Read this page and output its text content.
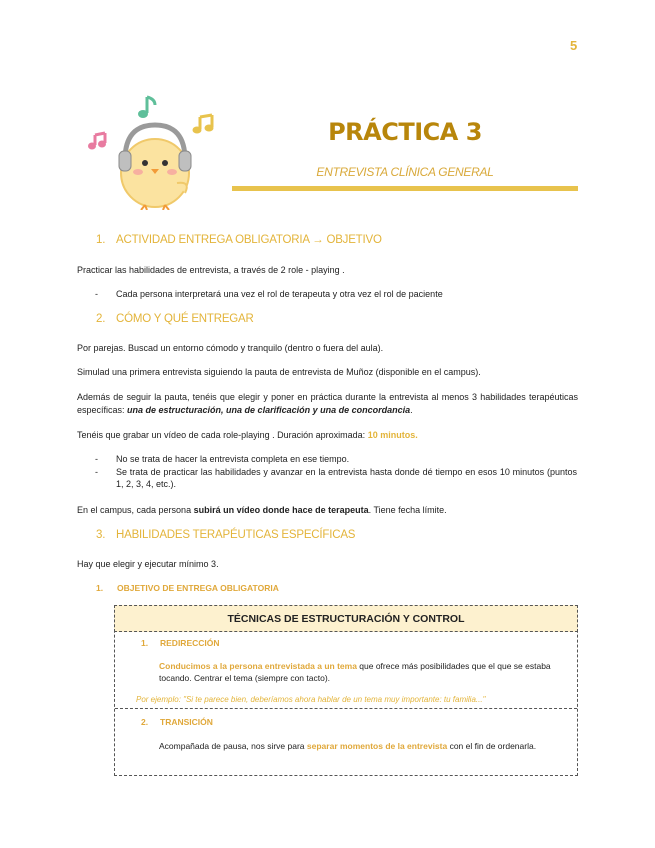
5
PRÁCTICA 3
ENTREVISTA CLÍNICA GENERAL
1. ACTIVIDAD ENTREGA OBLIGATORIA → OBJETIVO
Practicar las habilidades de entrevista, a través de 2 role - playing .
- Cada persona interpretará una vez el rol de terapeuta y otra vez el rol de paciente
2. CÓMO Y QUÉ ENTREGAR
Por parejas. Buscad un entorno cómodo y tranquilo (dentro o fuera del aula).
Simulad una primera entrevista siguiendo la pauta de entrevista de Muñoz (disponible en el campus).
Además de seguir la pauta, tenéis que elegir y poner en práctica durante la entrevista al menos 3 habilidades terapéuticas específicas: una de estructuración, una de clarificación y una de concordancia.
Tenéis que grabar un vídeo de cada role-playing . Duración aproximada: 10 minutos.
- No se trata de hacer la entrevista completa en ese tiempo.
- Se trata de practicar las habilidades y avanzar en la entrevista hasta donde dé tiempo en esos 10 minutos (puntos 1, 2, 3, 4, etc.).
En el campus, cada persona subirá un vídeo donde hace de terapeuta. Tiene fecha límite.
3. HABILIDADES TERAPÉUTICAS ESPECÍFICAS
Hay que elegir y ejecutar mínimo 3.
1. OBJETIVO DE ENTREGA OBLIGATORIA
TÉCNICAS DE ESTRUCTURACIÓN Y CONTROL
1. REDIRECCIÓN
Conducimos a la persona entrevistada a un tema que ofrece más posibilidades que el que se estaba tocando. Centrar el tema (siempre con tacto).
Por ejemplo: "Si te parece bien, deberíamos ahora hablar de un tema muy importante: tu familia..."
2. TRANSICIÓN
Acompañada de pausa, nos sirve para separar momentos de la entrevista con el fin de ordenarla.
